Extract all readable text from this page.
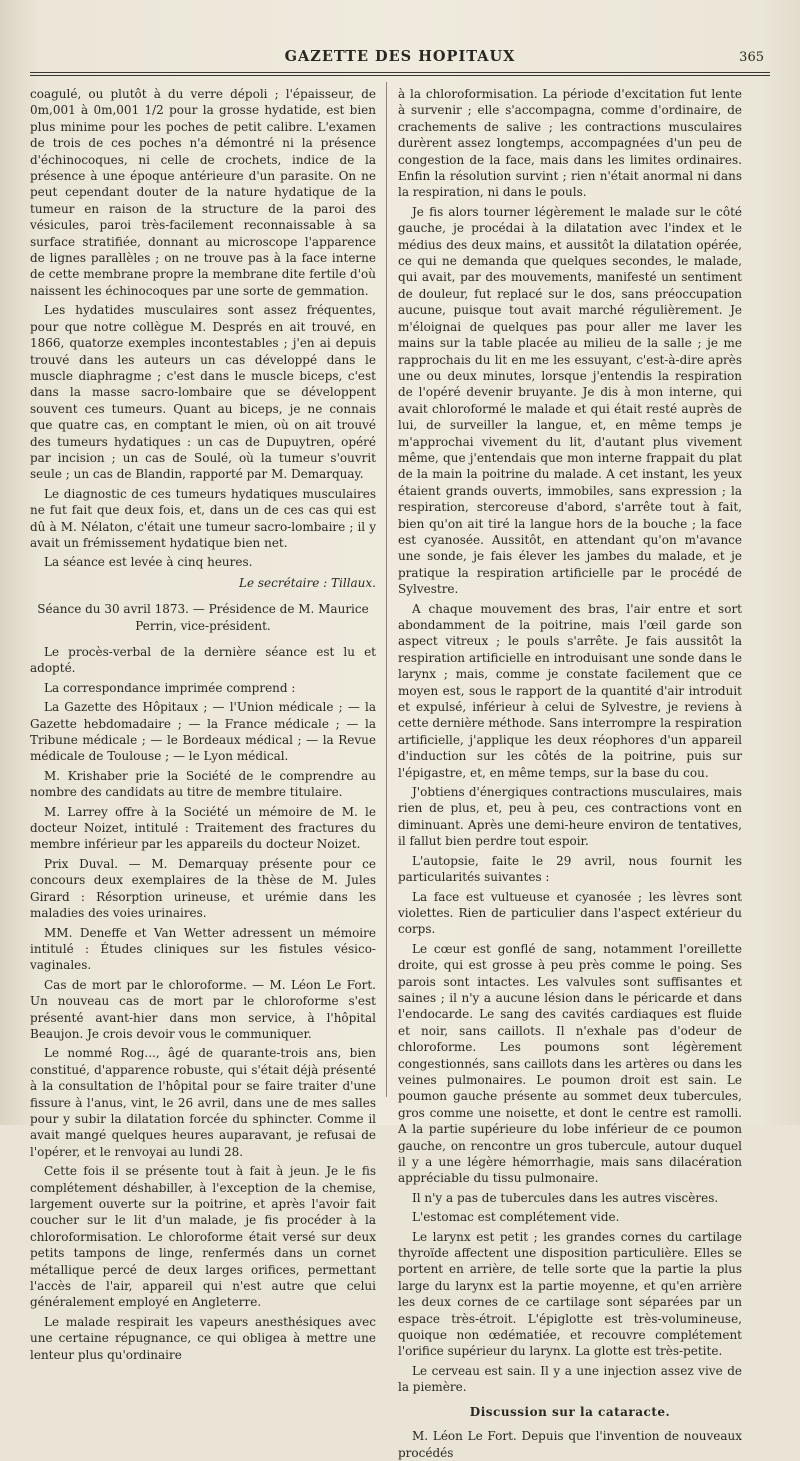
GAZETTE DES HOPITAUX	365

coagulé, ou plutôt à du verre dépoli ; l'épaisseur, de 0m,001 à 0m,001 1/2 pour la grosse hydatide, est bien plus minime pour les poches de petit calibre. L'examen de trois de ces poches n'a démontré ni la présence d'échinocoques, ni celle de crochets, indice de la présence à une époque antérieure d'un parasite. On ne peut cependant douter de la nature hydatique de la tumeur en raison de la structure de la paroi des vésicules, paroi très-facilement reconnaissable à sa surface stratifiée, donnant au microscope l'apparence de lignes parallèles ; on ne trouve pas à la face interne de cette membrane propre la membrane dite fertile d'où naissent les échinocoques par une sorte de gemmation.

Les hydatides musculaires sont assez fréquentes, pour que notre collègue M. Després en ait trouvé, en 1866, quatorze exemples incontestables ; j'en ai depuis trouvé dans les auteurs un cas développé dans le muscle diaphragme ; c'est dans le muscle biceps, c'est dans la masse sacro-lombaire que se développent souvent ces tumeurs. Quant au biceps, je ne connais que quatre cas, en comptant le mien, où on ait trouvé des tumeurs hydatiques : un cas de Dupuytren, opéré par incision ; un cas de Soulé, où la tumeur s'ouvrit seule ; un cas de Blandin, rapporté par M. Demarquay.

Le diagnostic de ces tumeurs hydatiques musculaires ne fut fait que deux fois, et, dans un de ces cas qui est dû à M. Nélaton, c'était une tumeur sacro-lombaire ; il y avait un frémissement hydatique bien net.

La séance est levée à cinq heures.

Le secrétaire : Tillaux.

Séance du 30 avril 1873. — Présidence de M. Maurice Perrin, vice-président.

Le procès-verbal de la dernière séance est lu et adopté.

La correspondance imprimée comprend :

La Gazette des Hôpitaux ; — l'Union médicale ; — la Gazette hebdomadaire ; — la France médicale ; — la Tribune médicale ; — le Bordeaux médical ; — la Revue médicale de Toulouse ; — le Lyon médical.

M. Krishaber prie la Société de le comprendre au nombre des candidats au titre de membre titulaire.

M. Larrey offre à la Société un mémoire de M. le docteur Noizet, intitulé : Traitement des fractures du membre inférieur par les appareils du docteur Noizet.

Prix Duval. — M. Demarquay présente pour ce concours deux exemplaires de la thèse de M. Jules Girard : Résorption urineuse, et urémie dans les maladies des voies urinaires.

MM. Deneffe et Van Wetter adressent un mémoire intitulé : Études cliniques sur les fistules vésico-vaginales.

Cas de mort par le chloroforme. — M. Léon Le Fort. Un nouveau cas de mort par le chloroforme s'est présenté avant-hier dans mon service, à l'hôpital Beaujon. Je crois devoir vous le communiquer.

Le nommé Rog..., âgé de quarante-trois ans, bien constitué, d'apparence robuste, qui s'était déjà présenté à la consultation de l'hôpital pour se faire traiter d'une fissure à l'anus, vint, le 26 avril, dans une de mes salles pour y subir la dilatation forcée du sphincter. Comme il avait mangé quelques heures auparavant, je refusai de l'opérer, et le renvoyai au lundi 28.

Cette fois il se présente tout à fait à jeun. Je le fis complétement déshabiller, à l'exception de la chemise, largement ouverte sur la poitrine, et après l'avoir fait coucher sur le lit d'un malade, je fis procéder à la chloroformisation. Le chloroforme était versé sur deux petits tampons de linge, renfermés dans un cornet métallique percé de deux larges orifices, permettant l'accès de l'air, appareil qui n'est autre que celui généralement employé en Angleterre.

Le malade respirait les vapeurs anesthésiques avec une certaine répugnance, ce qui obligea à mettre une lenteur plus qu'ordinaire

à la chloroformisation. La période d'excitation fut lente à survenir ; elle s'accompagna, comme d'ordinaire, de crachements de salive ; les contractions musculaires durèrent assez longtemps, accompagnées d'un peu de congestion de la face, mais dans les limites ordinaires. Enfin la résolution survint ; rien n'était anormal ni dans la respiration, ni dans le pouls.

Je fis alors tourner légèrement le malade sur le côté gauche, je procédai à la dilatation avec l'index et le médius des deux mains, et aussitôt la dilatation opérée, ce qui ne demanda que quelques secondes, le malade, qui avait, par des mouvements, manifesté un sentiment de douleur, fut replacé sur le dos, sans préoccupation aucune, puisque tout avait marché régulièrement. Je m'éloignai de quelques pas pour aller me laver les mains sur la table placée au milieu de la salle ; je me rapprochais du lit en me les essuyant, c'est-à-dire après une ou deux minutes, lorsque j'entendis la respiration de l'opéré devenir bruyante. Je dis à mon interne, qui avait chloroformé le malade et qui était resté auprès de lui, de surveiller la langue, et, en même temps je m'approchai vivement du lit, d'autant plus vivement même, que j'entendais que mon interne frappait du plat de la main la poitrine du malade. A cet instant, les yeux étaient grands ouverts, immobiles, sans expression ; la respiration, stercoreuse d'abord, s'arrête tout à fait, bien qu'on ait tiré la langue hors de la bouche ; la face est cyanosée. Aussitôt, en attendant qu'on m'avance une sonde, je fais élever les jambes du malade, et je pratique la respiration artificielle par le procédé de Sylvestre.

A chaque mouvement des bras, l'air entre et sort abondamment de la poitrine, mais l'œil garde son aspect vitreux ; le pouls s'arrête. Je fais aussitôt la respiration artificielle en introduisant une sonde dans le larynx ; mais, comme je constate facilement que ce moyen est, sous le rapport de la quantité d'air introduit et expulsé, inférieur à celui de Sylvestre, je reviens à cette dernière méthode. Sans interrompre la respiration artificielle, j'applique les deux réophores d'un appareil d'induction sur les côtés de la poitrine, puis sur l'épigastre, et, en même temps, sur la base du cou.

J'obtiens d'énergiques contractions musculaires, mais rien de plus, et, peu à peu, ces contractions vont en diminuant. Après une demi-heure environ de tentatives, il fallut bien perdre tout espoir.

L'autopsie, faite le 29 avril, nous fournit les particularités suivantes :

La face est vultueuse et cyanosée ; les lèvres sont violettes. Rien de particulier dans l'aspect extérieur du corps.

Le cœur est gonflé de sang, notamment l'oreillette droite, qui est grosse à peu près comme le poing. Ses parois sont intactes. Les valvules sont suffisantes et saines ; il n'y a aucune lésion dans le péricarde et dans l'endocarde. Le sang des cavités cardiaques est fluide et noir, sans caillots. Il n'exhale pas d'odeur de chloroforme. Les poumons sont légèrement congestionnés, sans caillots dans les artères ou dans les veines pulmonaires. Le poumon droit est sain. Le poumon gauche présente au sommet deux tubercules, gros comme une noisette, et dont le centre est ramolli. A la partie supérieure du lobe inférieur de ce poumon gauche, on rencontre un gros tubercule, autour duquel il y a une légère hémorrhagie, mais sans dilacération appréciable du tissu pulmonaire.

Il n'y a pas de tubercules dans les autres viscères.

L'estomac est complétement vide.

Le larynx est petit ; les grandes cornes du cartilage thyroïde affectent une disposition particulière. Elles se portent en arrière, de telle sorte que la partie la plus large du larynx est la partie moyenne, et qu'en arrière les deux cornes de ce cartilage sont séparées par un espace très-étroit. L'épiglotte est très-volumineuse, quoique non œdématiée, et recouvre complétement l'orifice supérieur du larynx. La glotte est très-petite.

Le cerveau est sain. Il y a une injection assez vive de la piemère.

Discussion sur la cataracte.

M. Léon Le Fort. Depuis que l'invention de nouveaux procédés
